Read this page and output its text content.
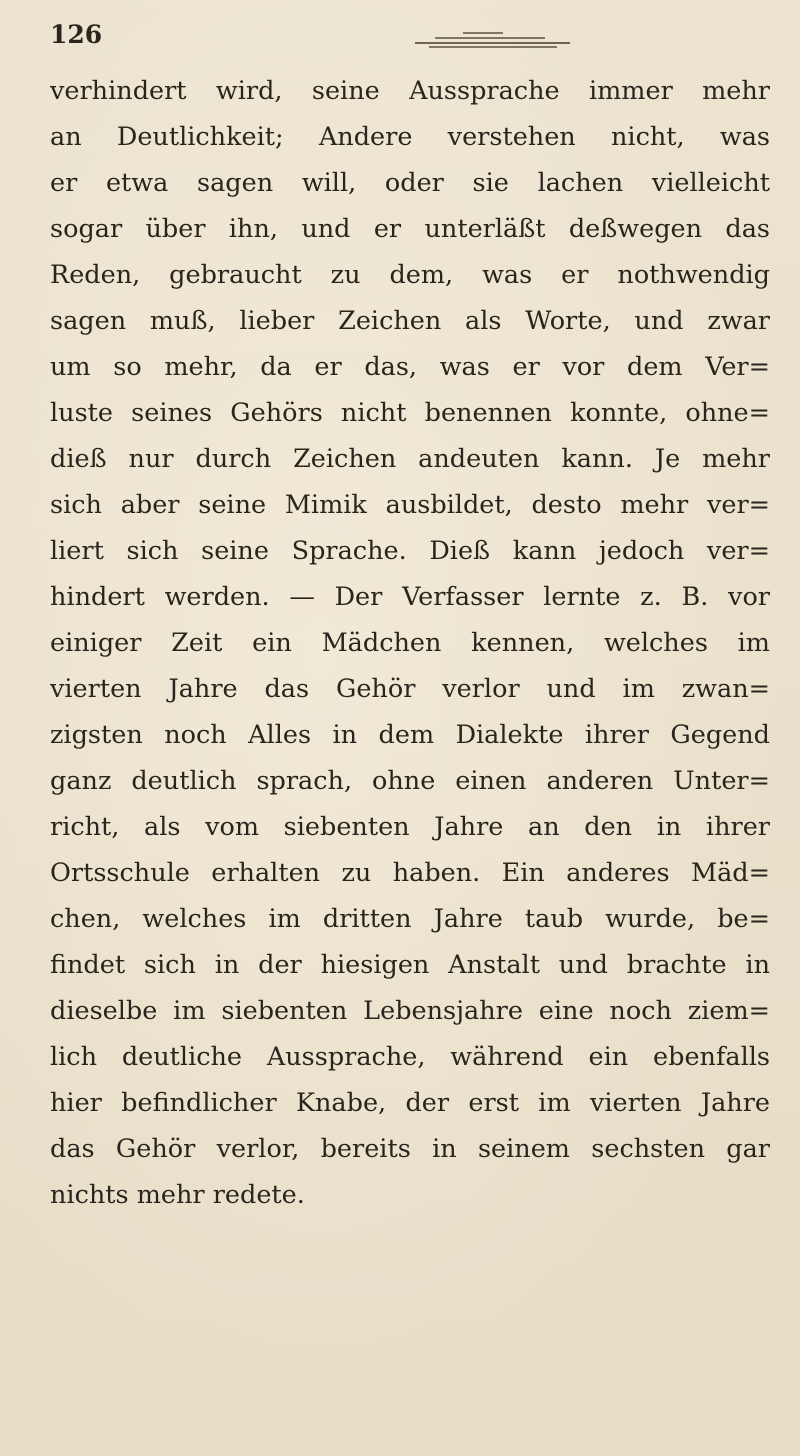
126
verhindert wird, seine Aussprache immer mehr
an Deutlichkeit; Andere verstehen nicht, was
er etwa sagen will, oder sie lachen vielleicht
sogar über ihn, und er unterläßt deßwegen das
Reden, gebraucht zu dem, was er nothwendig
sagen muß, lieber Zeichen als Worte, und zwar
um so mehr, da er das, was er vor dem Ver=
luste seines Gehörs nicht benennen konnte, ohne=
dieß nur durch Zeichen andeuten kann. Je mehr
sich aber seine Mimik ausbildet, desto mehr ver=
liert sich seine Sprache. Dieß kann jedoch ver=
hindert werden. — Der Verfasser lernte z. B. vor
einiger Zeit ein Mädchen kennen, welches im
vierten Jahre das Gehör verlor und im zwan=
zigsten noch Alles in dem Dialekte ihrer Gegend
ganz deutlich sprach, ohne einen anderen Unter=
richt, als vom siebenten Jahre an den in ihrer
Ortsschule erhalten zu haben. Ein anderes Mäd=
chen, welches im dritten Jahre taub wurde, be=
findet sich in der hiesigen Anstalt und brachte in
dieselbe im siebenten Lebensjahre eine noch ziem=
lich deutliche Aussprache, während ein ebenfalls
hier befindlicher Knabe, der erst im vierten Jahre
das Gehör verlor, bereits in seinem sechsten gar
nichts mehr redete.
